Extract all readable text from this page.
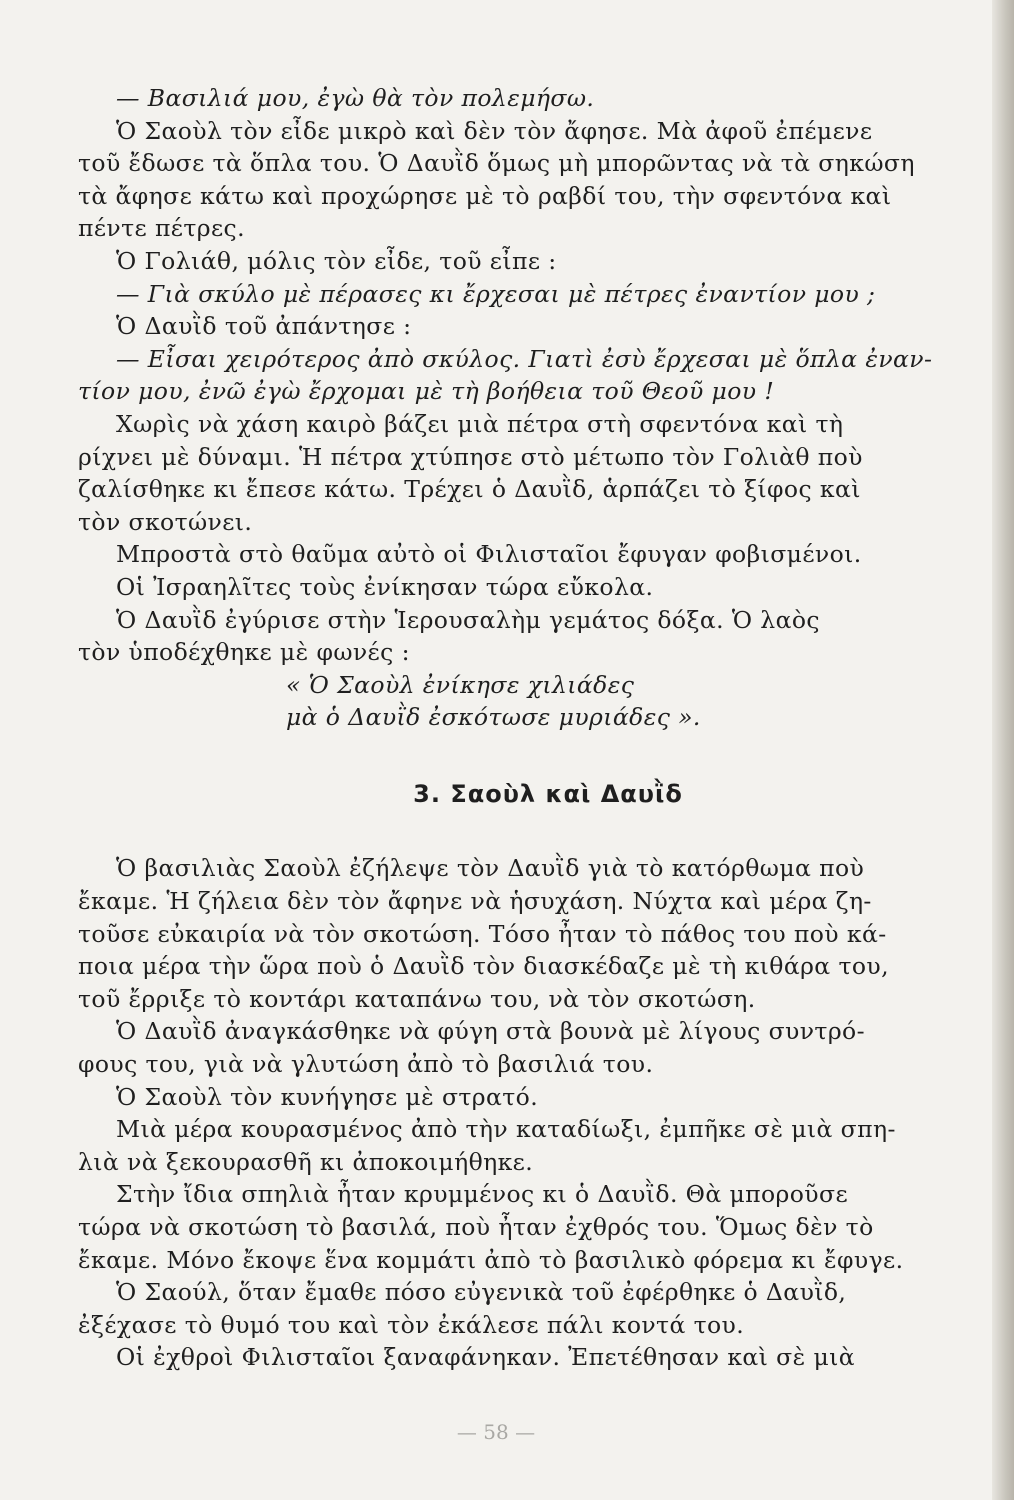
— Βασιλιά μου, ἐγὼ θὰ τὸν πολεμήσω.

Ὁ Σαοὺλ τὸν εἶδε μικρὸ καὶ δὲν τὸν ἄφησε. Μὰ ἀφοῦ ἐπέμενε

τοῦ ἔδωσε τὰ ὅπλα του. Ὁ Δαυῒδ ὅμως μὴ μπορῶντας νὰ τὰ σηκώση

τὰ ἄφησε κάτω καὶ προχώρησε μὲ τὸ ραβδί του, τὴν σφεντόνα καὶ

πέντε πέτρες.

Ὁ Γολιάθ, μόλις τὸν εἶδε, τοῦ εἶπε :

— Γιὰ σκύλο μὲ πέρασες κι ἔρχεσαι μὲ πέτρες ἐναντίον μου ;

Ὁ Δαυῒδ τοῦ ἀπάντησε :

— Εἶσαι χειρότερος ἀπὸ σκύλος. Γιατὶ ἐσὺ ἔρχεσαι μὲ ὅπλα ἐναν-

τίον μου, ἐνῶ ἐγὼ ἔρχομαι μὲ τὴ βοήθεια τοῦ Θεοῦ μου !

Χωρὶς νὰ χάση καιρὸ βάζει μιὰ πέτρα στὴ σφεντόνα καὶ τὴ

ρίχνει μὲ δύναμι. Ἡ πέτρα χτύπησε στὸ μέτωπο τὸν Γολιὰθ ποὺ

ζαλίσθηκε κι ἔπεσε κάτω. Τρέχει ὁ Δαυῒδ, ἁρπάζει τὸ ξίφος καὶ

τὸν σκοτώνει.

Μπροστὰ στὸ θαῦμα αὐτὸ οἱ Φιλισταῖοι ἔφυγαν φοβισμένοι.

Οἱ Ἰσραηλῖτες τοὺς ἐνίκησαν τώρα εὔκολα.

Ὁ Δαυῒδ ἐγύρισε στὴν Ἱερουσαλὴμ γεμάτος δόξα. Ὁ λαὸς

τὸν ὑποδέχθηκε μὲ φωνές :

« Ὁ Σαοὺλ ἐνίκησε χιλιάδες

μὰ ὁ Δαυῒδ ἐσκότωσε μυριάδες ».

3. Σαοὺλ καὶ Δαυῒδ

Ὁ βασιλιὰς Σαοὺλ ἐζήλεψε τὸν Δαυῒδ γιὰ τὸ κατόρθωμα ποὺ

ἔκαμε. Ἡ ζήλεια δὲν τὸν ἄφηνε νὰ ἡσυχάση. Νύχτα καὶ μέρα ζη-

τοῦσε εὐκαιρία νὰ τὸν σκοτώση. Τόσο ἦταν τὸ πάθος του ποὺ κά-

ποια μέρα τὴν ὥρα ποὺ ὁ Δαυῒδ τὸν διασκέδαζε μὲ τὴ κιθάρα του,

τοῦ ἔρριξε τὸ κοντάρι καταπάνω του, νὰ τὸν σκοτώση.

Ὁ Δαυῒδ ἀναγκάσθηκε νὰ φύγη στὰ βουνὰ μὲ λίγους συντρό-

φους του, γιὰ νὰ γλυτώση ἀπὸ τὸ βασιλιά του.

Ὁ Σαοὺλ τὸν κυνήγησε μὲ στρατό.

Μιὰ μέρα κουρασμένος ἀπὸ τὴν καταδίωξι, ἐμπῆκε σὲ μιὰ σπη-

λιὰ νὰ ξεκουρασθῆ κι ἀποκοιμήθηκε.

Στὴν ἴδια σπηλιὰ ἦταν κρυμμένος κι ὁ Δαυῒδ. Θὰ μποροῦσε

τώρα νὰ σκοτώση τὸ βασιλά, ποὺ ἦταν ἐχθρός του. Ὅμως δὲν τὸ

ἔκαμε. Μόνο ἔκοψε ἕνα κομμάτι ἀπὸ τὸ βασιλικὸ φόρεμα κι ἔφυγε.

Ὁ Σαούλ, ὅταν ἔμαθε πόσο εὐγενικὰ τοῦ ἐφέρθηκε ὁ Δαυῒδ,

ἐξέχασε τὸ θυμό του καὶ τὸν ἐκάλεσε πάλι κοντά του.

Οἱ ἐχθροὶ Φιλισταῖοι ξαναφάνηκαν. Ἐπετέθησαν καὶ σὲ μιὰ

— 58 —
